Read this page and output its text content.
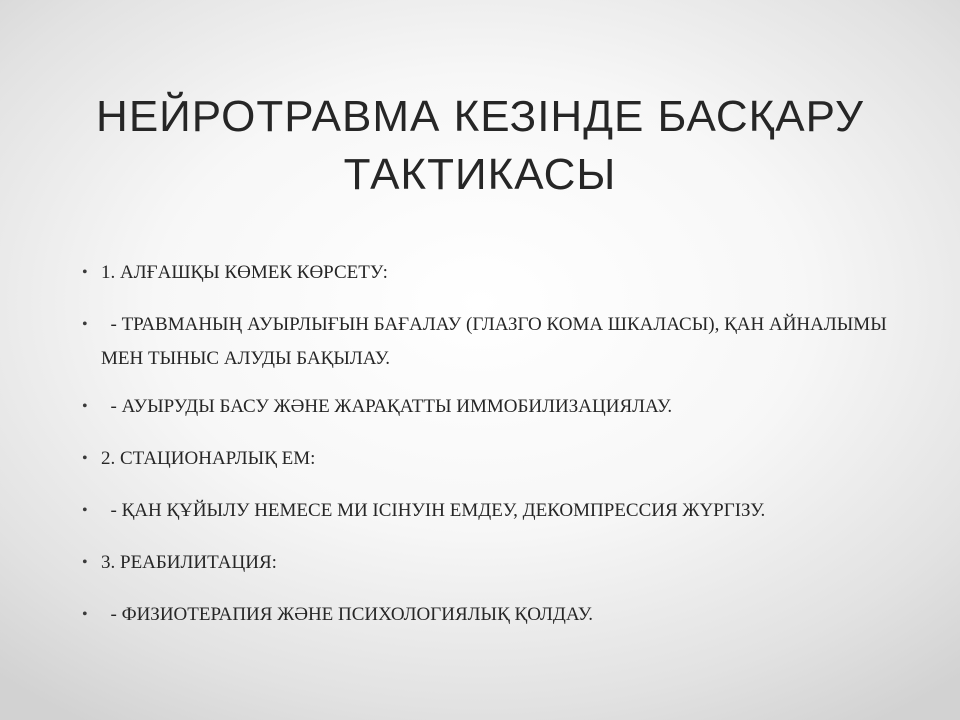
НЕЙРОТРАВМА КЕЗІНДЕ БАСҚАРУ
ТАКТИКАСЫ
• 1. АЛҒАШҚЫ КӨМЕК КӨРСЕТУ:
• - ТРАВМАНЫҢ АУЫРЛЫҒЫН БАҒАЛАУ (ГЛАЗГО КОМА ШКАЛАСЫ), ҚАН АЙНАЛЫМЫ МЕН ТЫНЫС АЛУДЫ БАҚЫЛАУ.
• - АУЫРУДЫ БАСУ ЖӘНЕ ЖАРАҚАТТЫ ИММОБИЛИЗАЦИЯЛАУ.
• 2. СТАЦИОНАРЛЫҚ ЕМ:
• - ҚАН ҚҰЙЫЛУ НЕМЕСЕ МИ ІСІНУІН ЕМДЕУ, ДЕКОМПРЕССИЯ ЖҮРГІЗУ.
• 3. РЕАБИЛИТАЦИЯ:
• - ФИЗИОТЕРАПИЯ ЖӘНЕ ПСИХОЛОГИЯЛЫҚ ҚОЛДАУ.
